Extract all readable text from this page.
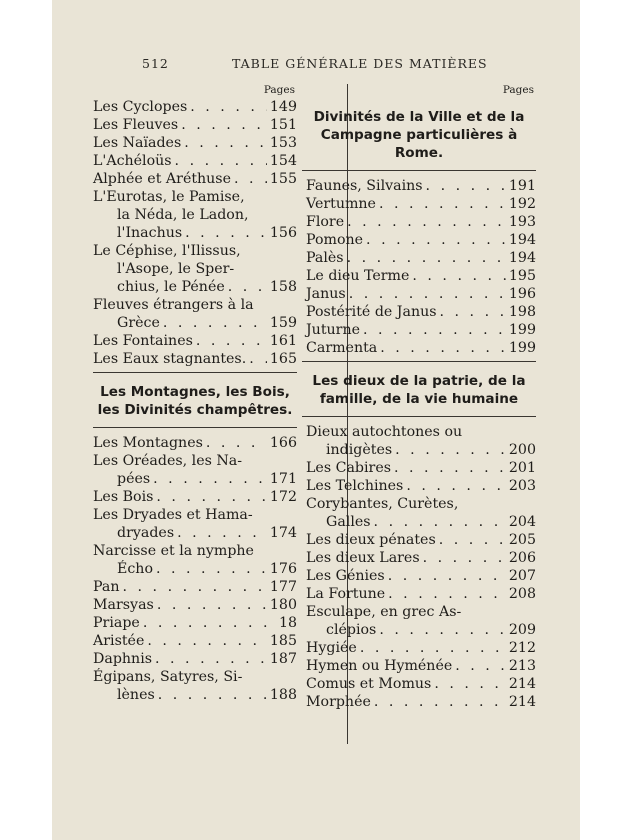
512	TABLE GÉNÉRALE DES MATIÈRES
Pages
Les Cyclopes . . .	149
Les Fleuves . . .	151
Les Naïades . . .	153
L'Achéloüs . . .	154
Alphée et Aréthuse . . .	155
L'Eurotas, le Pamise,
la Néda, le Ladon,
l'Inachus . . .	156
Le Céphise, l'Ilissus,
l'Asope, le Sper-
chius, le Pénée . . .	158
Fleuves étrangers à la
Grèce . . .	159
Les Fontaines . . .	161
Les Eaux stagnantes. . . . 165
Les Montagnes, les Bois, les Divinités champêtres.
Les Montagnes . . .	166
Les Oréades, les Na-
pées . . .	171
Les Bois . . .	172
Les Dryades et Hama-
dryades . . .	174
Narcisse et la nymphe
Écho . . .	176
Pan . . .	177
Marsyas . . .	180
Priape . . .	18
Aristée . . .	185
Daphnis . . .	187
Égipans, Satyres, Si-
lènes . . .	188
Pages
Divinités de la Ville et de la Campagne particulières à Rome.
Faunes, Silvains . . .	191
Vertumne . . .	192
Flore . . .	193
Pomone . . .	194
Palès . . .	194
Le dieu Terme . . .	195
Janus . . .	196
Postérité de Janus . . .	198
Juturne . . .	199
Carmenta . . .	199
Les dieux de la patrie, de la famille, de la vie humaine
Dieux autochtones ou
indigètes . . .	200
Les Cabires . . .	201
Les Telchines . . .	203
Corybantes, Curètes,
Galles . . .	204
Les dieux pénates . . .	205
Les dieux Lares . . .	206
Les Génies . . .	207
La Fortune . . .	208
Esculape, en grec As-
clépios . . .	209
Hygiée . . .	212
Hymen ou Hyménée . . .	213
Comus et Momus . . .	214
Morphée . . .	214
